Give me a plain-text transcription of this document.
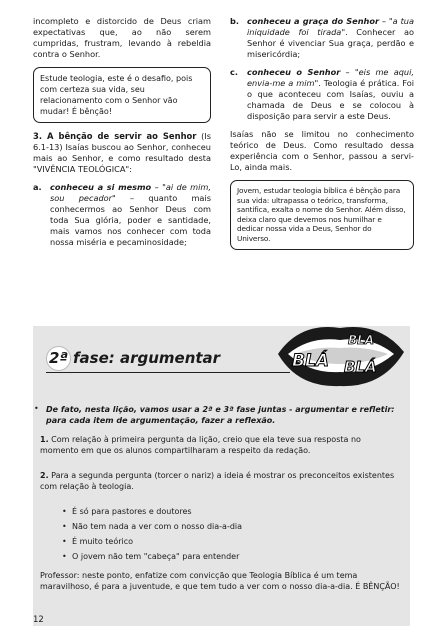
incompleto e distorcido de Deus criam expectativas que, ao não serem cumpridas, frustram, levando à rebeldia contra o Senhor.

Estude teologia, este é o desafio, pois com certeza sua vida, seu relacionamento com o Senhor vão mudar! É bênção!

3. A bênção de servir ao Senhor (Is 6.1-13) Isaías buscou ao Senhor, conheceu mais ao Senhor, e como resultado desta "VIVÊNCIA TEOLÓGICA":

a.	conheceu a si mesmo – "ai de mim, sou pecador" – quanto mais conhecermos ao Senhor Deus com toda Sua glória, poder e santidade, mais vamos nos conhecer com toda nossa miséria e pecaminosidade;
b. conheceu a graça do Senhor – "a tua iniquidade foi tirada". Conhecer ao Senhor é vivenciar Sua graça, perdão e misericórdia;
c.	conheceu o Senhor – "eis me aqui, envia-me a mim". Teologia é prática. Foi o que aconteceu com Isaías, ouviu a chamada de Deus e se colocou à disposição para servir a este Deus.

Isaías não se limitou no conhecimento teórico de Deus. Como resultado dessa experiência com o Senhor, passou a servi-Lo, ainda mais.

Jovem, estudar teologia bíblica é bênção para sua vida: ultrapassa o teórico, transforma, santifica, exalta o nome do Senhor. Além disso, deixa claro que devemos nos humilhar e dedicar nossa vida a Deus, Senhor do Universo.
BLÁ
BLÁ
BLÁ
2ª fase: argumentar
• De fato, nesta lição, vamos usar a 2ª e 3ª fase juntas - argumentar e refletir: para cada item de argumentação, fazer a reflexão.
1. Com relação à primeira pergunta da lição, creio que ela teve sua resposta no momento em que os alunos compartilharam a respeito da redação.
2. Para a segunda pergunta (torcer o nariz) a ideia é mostrar os preconceitos existentes com relação à teologia.
• É só para pastores e doutores
• Não tem nada a ver com o nosso dia-a-dia
• É muito teórico
• O jovem não tem "cabeça" para entender
Professor: neste ponto, enfatize com convicção que Teologia Bíblica é um tema maravilhoso, é para a juventude, e que tem tudo a ver com o nosso dia-a-dia. É BÊNÇÃO!
12
